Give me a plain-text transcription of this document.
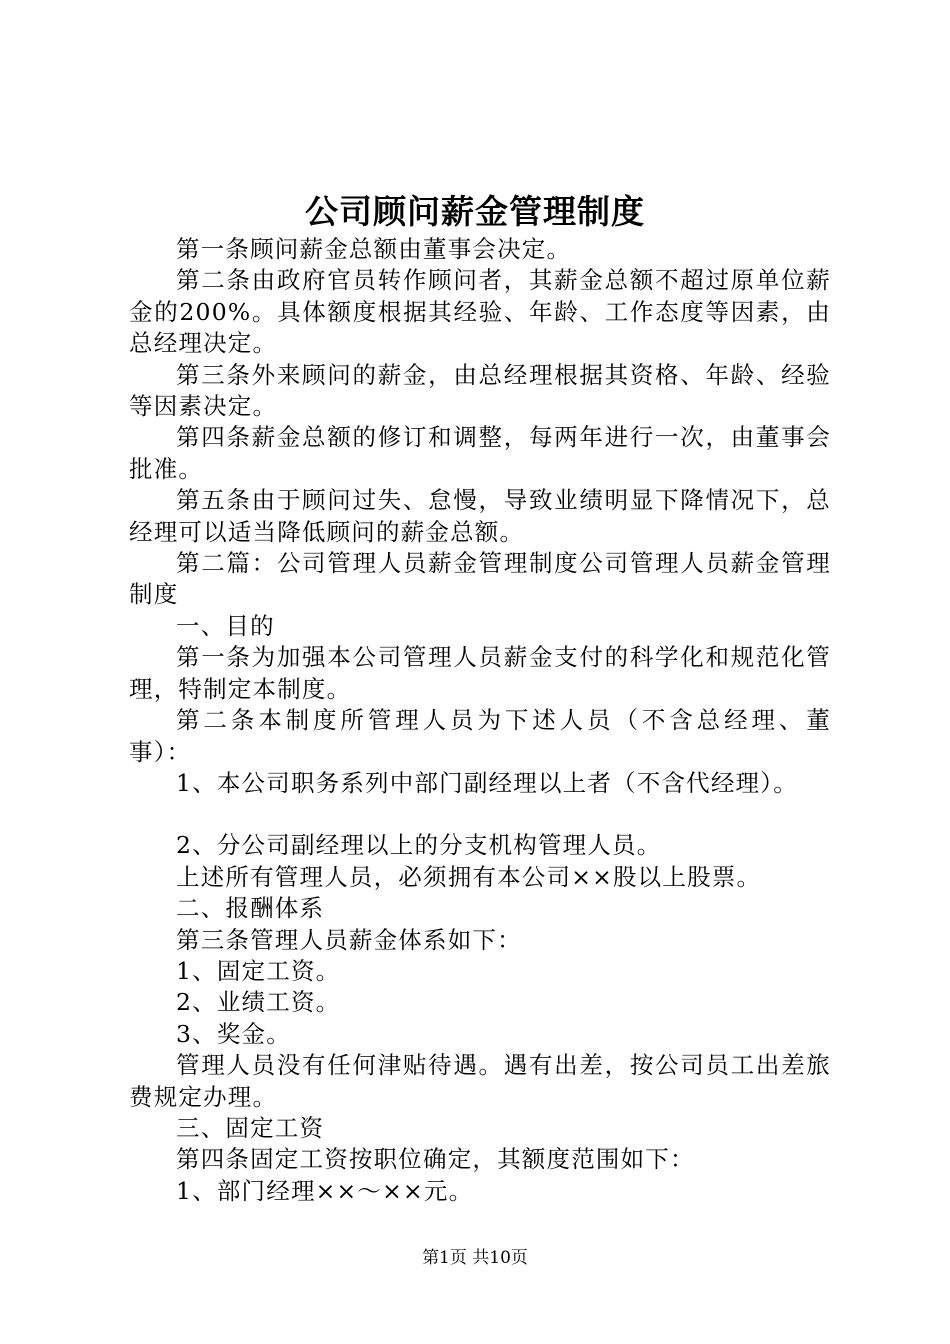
公司顾问薪金管理制度

第一条顾问薪金总额由董事会决定。

第二条由政府官员转作顾问者，其薪金总额不超过原单位薪金的200%。具体额度根据其经验、年龄、工作态度等因素，由总经理决定。

第三条外来顾问的薪金，由总经理根据其资格、年龄、经验等因素决定。

第四条薪金总额的修订和调整，每两年进行一次，由董事会批准。

第五条由于顾问过失、怠慢，导致业绩明显下降情况下，总经理可以适当降低顾问的薪金总额。

第二篇：公司管理人员薪金管理制度公司管理人员薪金管理制度

一、目的

第一条为加强本公司管理人员薪金支付的科学化和规范化管理，特制定本制度。

第二条本制度所管理人员为下述人员（不含总经理、董事）：

1、本公司职务系列中部门副经理以上者（不含代经理）。

2、分公司副经理以上的分支机构管理人员。

上述所有管理人员，必须拥有本公司××股以上股票。

二、报酬体系

第三条管理人员薪金体系如下：

1、固定工资。

2、业绩工资。

3、奖金。

管理人员没有任何津贴待遇。遇有出差，按公司员工出差旅费规定办理。

三、固定工资

第四条固定工资按职位确定，其额度范围如下：

1、部门经理××～××元。

第1页 共10页
